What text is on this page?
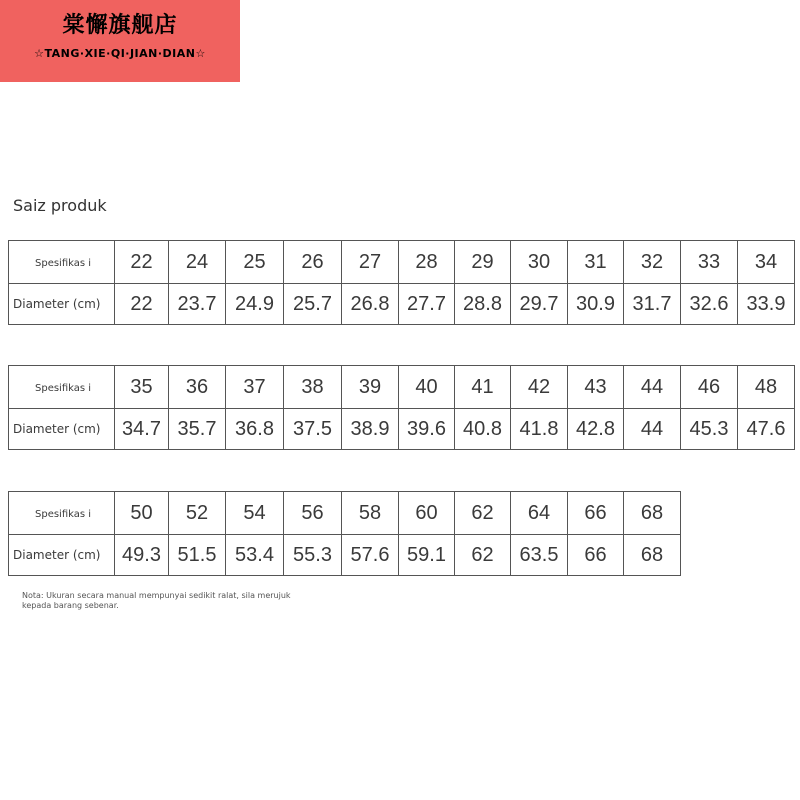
棠懈旗舰店
☆TANG·XIE·QI·JIAN·DIAN☆
Saiz produk
Spesifikas i	22	24	25	26	27	28	29	30	31	32	33	34
Diameter (cm)	22	23.7	24.9	25.7	26.8	27.7	28.8	29.7	30.9	31.7	32.6	33.9
Spesifikas i	35	36	37	38	39	40	41	42	43	44	46	48
Diameter (cm)	34.7	35.7	36.8	37.5	38.9	39.6	40.8	41.8	42.8	44	45.3	47.6
Spesifikas i	50	52	54	56	58	60	62	64	66	68
Diameter (cm)	49.3	51.5	53.4	55.3	57.6	59.1	62	63.5	66	68
Nota: Ukuran secara manual mempunyai sedikit ralat, sila merujuk kepada barang sebenar.
